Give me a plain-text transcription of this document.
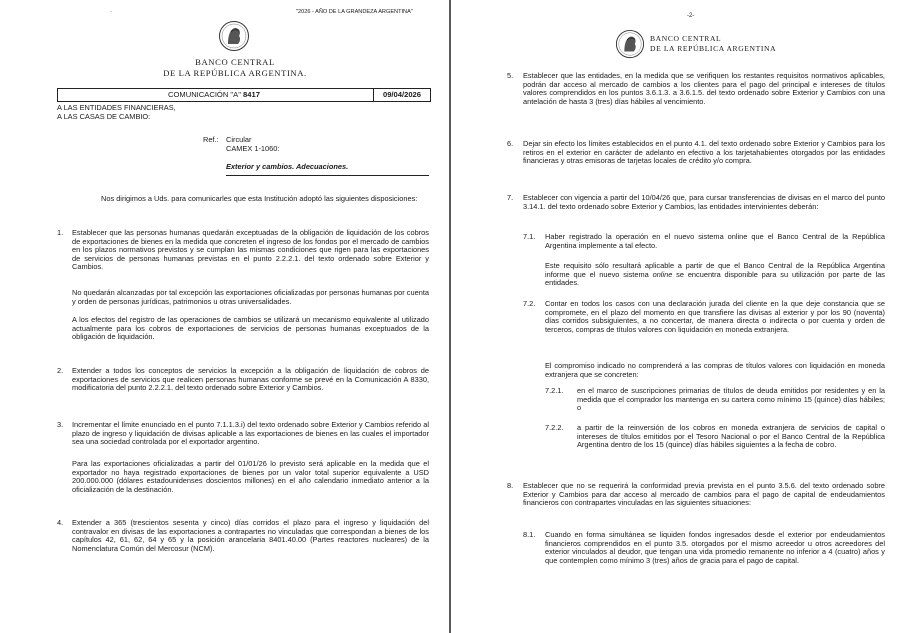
"2026 - AÑO DE LA GRANDEZA ARGENTINA"
·
BANCO CENTRAL
DE LA REPÚBLICA ARGENTINA.
COMUNICACIÓN "A" 8417	09/04/2026
A LAS ENTIDADES FINANCIERAS,
A LAS CASAS DE CAMBIO:
Ref.: Circular
CAMEX 1-1060:
Exterior y cambios. Adecuaciones.
Nos dirigimos a Uds. para comunicarles que esta Institución adoptó las siguientes disposiciones:
1. Establecer que las personas humanas quedarán exceptuadas de la obligación de liquidación de los cobros de exportaciones de bienes en la medida que concreten el ingreso de los fondos por el mercado de cambios en los plazos normativos previstos y se cumplan las mismas condiciones que rigen para las exportaciones de servicios de personas humanas previstas en el punto 2.2.2.1. del texto ordenado sobre Exterior y Cambios.
No quedarán alcanzadas por tal excepción las exportaciones oficializadas por personas humanas por cuenta y orden de personas jurídicas, patrimonios u otras universalidades.
A los efectos del registro de las operaciones de cambios se utilizará un mecanismo equivalente al utilizado actualmente para los cobros de exportaciones de servicios de personas humanas exceptuados de la obligación de liquidación.
2. Extender a todos los conceptos de servicios la excepción a la obligación de liquidación de cobros de exportaciones de servicios que realicen personas humanas conforme se prevé en la Comunicación A 8330, modificatoria del punto 2.2.2.1. del texto ordenado sobre Exterior y Cambios.
3. Incrementar el límite enunciado en el punto 7.1.1.3.i) del texto ordenado sobre Exterior y Cambios referido al plazo de ingreso y liquidación de divisas aplicable a las exportaciones de bienes en las cuales el importador sea una sociedad controlada por el exportador argentino.
Para las exportaciones oficializadas a partir del 01/01/26 lo previsto será aplicable en la medida que el exportador no haya registrado exportaciones de bienes por un valor total superior equivalente a USD 200.000.000 (dólares estadounidenses doscientos millones) en el año calendario inmediato anterior a la oficialización de la destinación.
4. Extender a 365 (trescientos sesenta y cinco) días corridos el plazo para el ingreso y liquidación del contravalor en divisas de las exportaciones a contrapartes no vinculadas que correspondan a bienes de los capítulos 42, 61, 62, 64 y 65 y la posición arancelaria 8401.40.00 (Partes reactores nucleares) de la Nomenclatura Común del Mercosur (NCM).
-2-
BANCO CENTRAL
DE LA REPÚBLICA ARGENTINA
5. Establecer que las entidades, en la medida que se verifiquen los restantes requisitos normativos aplicables, podrán dar acceso al mercado de cambios a los clientes para el pago del principal e intereses de títulos valores comprendidos en los puntos 3.6.1.3. a 3.6.1.5. del texto ordenado sobre Exterior y Cambios con una antelación de hasta 3 (tres) días hábiles al vencimiento.
6. Dejar sin efecto los límites establecidos en el punto 4.1. del texto ordenado sobre Exterior y Cambios para los retiros en el exterior en carácter de adelanto en efectivo a los tarjetahabientes otorgados por las entidades financieras y otras emisoras de tarjetas locales de crédito y/o compra.
7. Establecer con vigencia a partir del 10/04/26 que, para cursar transferencias de divisas en el marco del punto 3.14.1. del texto ordenado sobre Exterior y Cambios, las entidades intervinientes deberán:
7.1. Haber registrado la operación en el nuevo sistema online que el Banco Central de la República Argentina implemente a tal efecto.
Este requisito sólo resultará aplicable a partir de que el Banco Central de la República Argentina informe que el nuevo sistema online se encuentra disponible para su utilización por parte de las entidades.
7.2. Contar en todos los casos con una declaración jurada del cliente en la que deje constancia que se compromete, en el plazo del momento en que transfiere las divisas al exterior y por los 90 (noventa) días corridos subsiguientes, a no concertar, de manera directa o indirecta o por cuenta y orden de terceros, compras de títulos valores con liquidación en moneda extranjera.
El compromiso indicado no comprenderá a las compras de títulos valores con liquidación en moneda extranjera que se concreten:
7.2.1. en el marco de suscripciones primarias de títulos de deuda emitidos por residentes y en la medida que el comprador los mantenga en su cartera como mínimo 15 (quince) días hábiles; o
7.2.2. a partir de la reinversión de los cobros en moneda extranjera de servicios de capital o intereses de títulos emitidos por el Tesoro Nacional o por el Banco Central de la República Argentina dentro de los 15 (quince) días hábiles siguientes a la fecha de cobro.
8. Establecer que no se requerirá la conformidad previa prevista en el punto 3.5.6. del texto ordenado sobre Exterior y Cambios para dar acceso al mercado de cambios para el pago de capital de endeudamientos financieros con contrapartes vinculadas en las siguientes situaciones:
8.1. Cuando en forma simultánea se liquiden fondos ingresados desde el exterior por endeudamientos financieros comprendidos en el punto 3.5. otorgados por el mismo acreedor u otros acreedores del exterior vinculados al deudor, que tengan una vida promedio remanente no inferior a 4 (cuatro) años y que contemplen como mínimo 3 (tres) años de gracia para el pago de capital.
